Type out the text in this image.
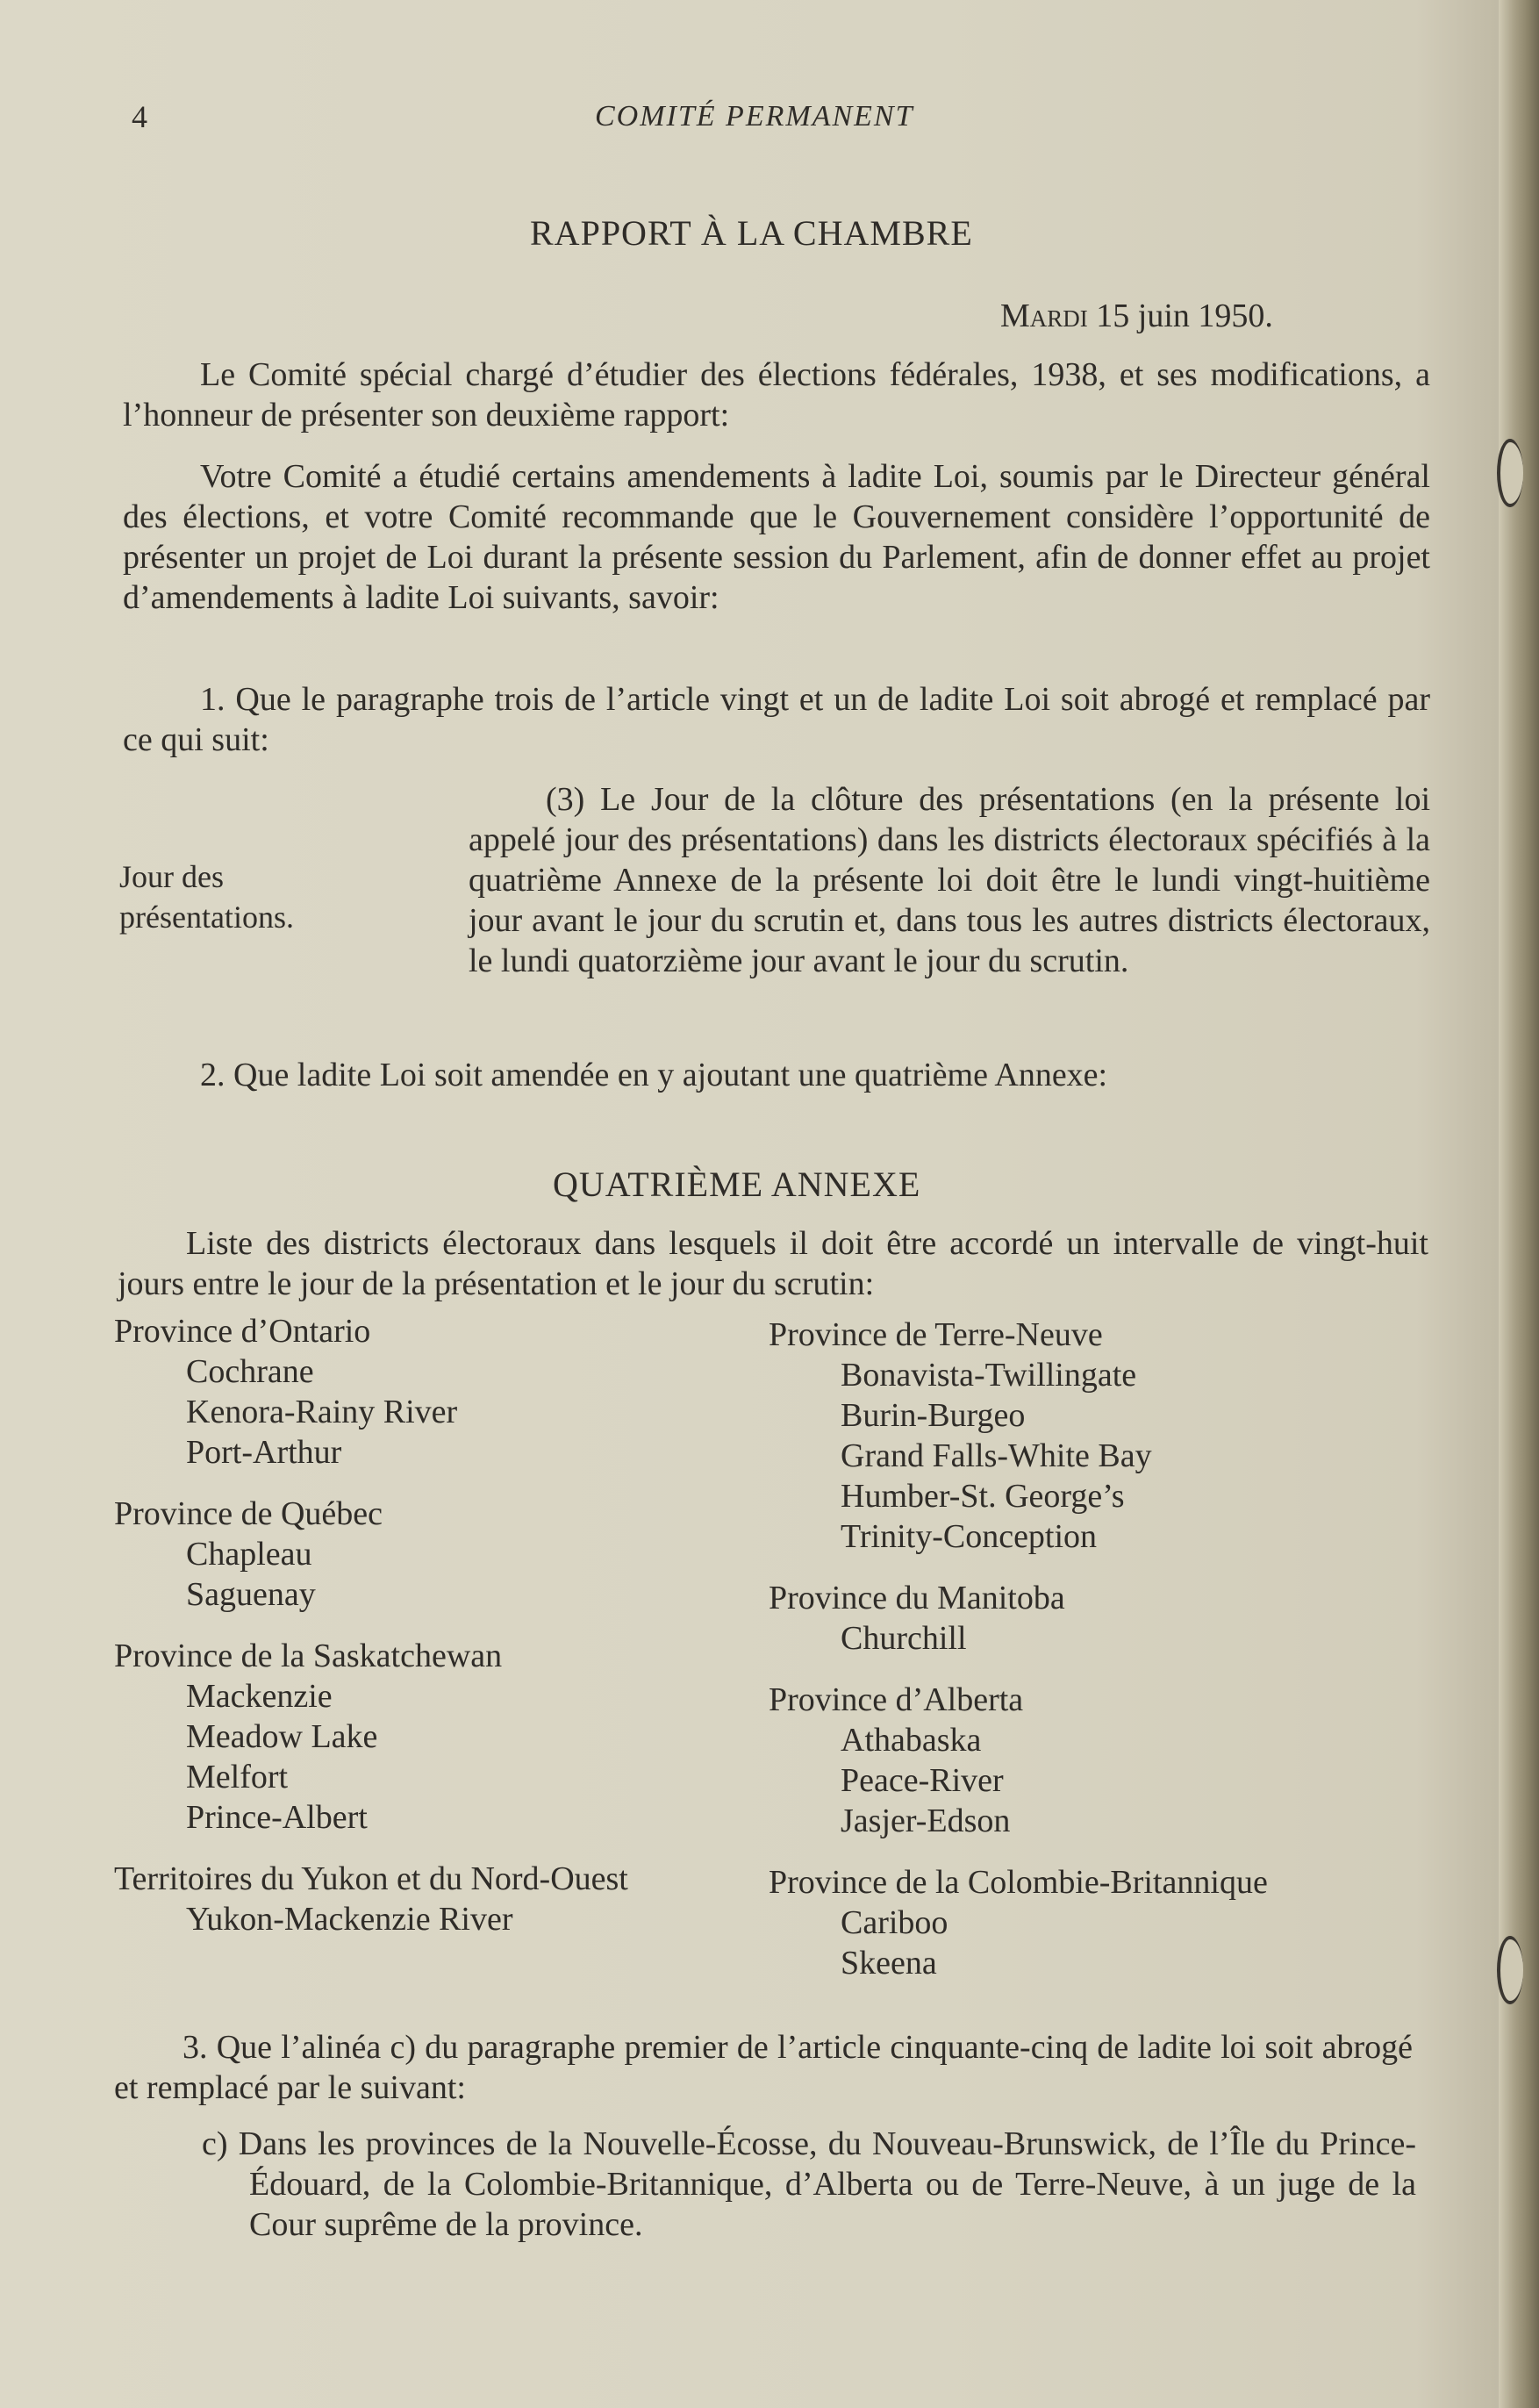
4	COMITÉ PERMANENT
RAPPORT À LA CHAMBRE
Mardi 15 juin 1950.
Le Comité spécial chargé d’étudier des élections fédérales, 1938, et ses modifications, a l’honneur de présenter son deuxième rapport:
Votre Comité a étudié certains amendements à ladite Loi, soumis par le Directeur général des élections, et votre Comité recommande que le Gouvernement considère l’opportunité de présenter un projet de Loi durant la présente session du Parlement, afin de donner effet au projet d’amendements à ladite Loi suivants, savoir:
1. Que le paragraphe trois de l’article vingt et un de ladite Loi soit abrogé et remplacé par ce qui suit:
Jour des présentations.
(3) Le Jour de la clôture des présentations (en la présente loi appelé jour des présentations) dans les districts électoraux spécifiés à la quatrième Annexe de la présente loi doit être le lundi vingt-huitième jour avant le jour du scrutin et, dans tous les autres districts électoraux, le lundi quatorzième jour avant le jour du scrutin.
2. Que ladite Loi soit amendée en y ajoutant une quatrième Annexe:
QUATRIÈME ANNEXE
Liste des districts électoraux dans lesquels il doit être accordé un intervalle de vingt-huit jours entre le jour de la présentation et le jour du scrutin:
Province d’Ontario
Cochrane
Kenora-Rainy River
Port-Arthur
Province de Québec
Chapleau
Saguenay
Province de la Saskatchewan
Mackenzie
Meadow Lake
Melfort
Prince-Albert
Territoires du Yukon et du Nord-Ouest
Yukon-Mackenzie River
Province de Terre-Neuve
Bonavista-Twillingate
Burin-Burgeo
Grand Falls-White Bay
Humber-St. George’s
Trinity-Conception
Province du Manitoba
Churchill
Province d’Alberta
Athabaska
Peace-River
Jasjer-Edson
Province de la Colombie-Britannique
Cariboo
Skeena
3. Que l’alinéa c) du paragraphe premier de l’article cinquante-cinq de ladite loi soit abrogé et remplacé par le suivant:
c) Dans les provinces de la Nouvelle-Écosse, du Nouveau-Brunswick, de l’Île du Prince-Édouard, de la Colombie-Britannique, d’Alberta ou de Terre-Neuve, à un juge de la Cour suprême de la province.
